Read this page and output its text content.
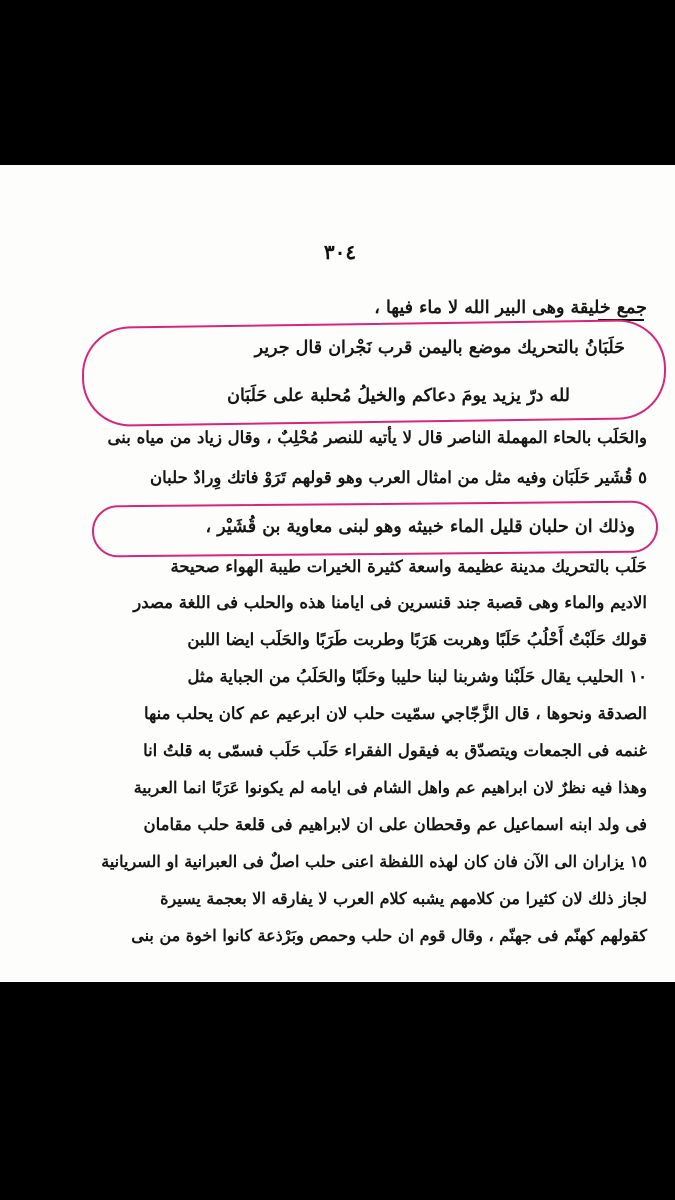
٣٠٤
جمع خليقة وهى البير الله لا ماء فيها ،
حَلَبَانُ بالتحريك موضع باليمن قرب نَجْران قال جرير
لله درّ يزيد يومَ دعاكم والخيلُ مُحلبة على حَلَبَان
والحَلَب بالحاء المهملة الناصر قال لا يأتيه للنصر مُحْلِبٌ ، وقال زياد من مياه بنى
٥ قُشَير حَلَبَان وفيه مثل من امثال العرب وهو قولهم تَرَوْ فاتك وِرادٌ حلبان
وذلك ان حلبان قليل الماء خبيثه وهو لبنى معاوية بن قُشَيْر ،
حَلَب بالتحريك مدينة عظيمة واسعة كثيرة الخيرات طيبة الهواء صحيحة
الاديم والماء وهى قصبة جند قنسرين فى ايامنا هذه والحلب فى اللغة مصدر
قولك حَلَبْتُ أَحْلُبُ حَلَبًا وهربت هَرَبًا وطربت طَرَبًا والحَلَب ايضا اللبن
١٠ الحليب يقال حَلَبْنا وشربنا لبنا حليبا وحَلَبًا والحَلَبُ من الجباية مثل
الصدقة ونحوها ، قال الزَّجّاجي سمّيت حلب لان ابرعيم عم كان يحلب منها
غنمه فى الجمعات ويتصدّق به فيقول الفقراء حَلَب حَلَب فسمّى به قلتُ انا
وهذا فيه نظرٌ لان ابراهيم عم واهل الشام فى ايامه لم يكونوا عَرَبًا انما العربية
فى ولد ابنه اسماعيل عم وقحطان على ان لابراهيم فى قلعة حلب مقامان
١٥ يزاران الى الآن فان كان لهذه اللفظة اعنى حلب اصلٌ فى العبرانية او السريانية
لجاز ذلك لان كثيرا من كلامهم يشبه كلام العرب لا يفارقه الا بعجمة يسيرة
كقولهم كهنّم فى جهنّم ، وقال قوم ان حلب وحمص وبَرْذعة كانوا اخوة من بنى
